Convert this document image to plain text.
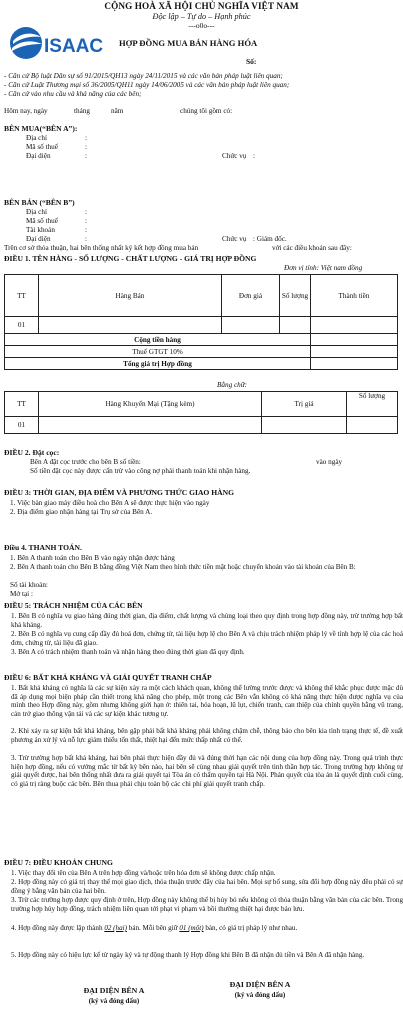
CỘNG HOÀ XÃ HỘI CHỦ NGHĨA VIỆT NAM
Độc lập – Tự do – Hạnh phúc
---o0o---
ISAAC HỢP ĐỒNG MUA BÁN HÀNG HÓA
Số:
- Căn cứ Bộ luật Dân sự số 91/2015/QH13 ngày 24/11/2015 và các văn bản pháp luật liên quan;
- Căn cứ Luật Thương mại số 36/2005/QH11 ngày 14/06/2005 và các văn bản pháp luật liên quan;
- Căn cứ vào nhu cầu và khả năng của các bên;
Hôm nay, ngày	tháng	năm	chúng tôi gồm có:
BÊN MUA(“BÊN A”):
Địa chỉ	:
Mã số thuế	:
Đại diện	:	Chức vụ :
BÊN BÁN (“BÊN B”)
Địa chỉ	:
Mã số thuế	:
Tài khoản	:
Đại diện	:	Chức vụ : Giám đốc.
Trên cơ sở thỏa thuận, hai bên thống nhất ký kết hợp đồng mua bán	với các điều khoản sau đây:
ĐIỀU 1. TÊN HÀNG - SỐ LƯỢNG - CHẤT LƯỢNG - GIÁ TRỊ HỢP ĐỒNG
Đơn vị tính: Việt nam đồng
TT	Hàng Bán	Đơn giá	Số lượng	Thành tiền
01				
Cộng tiền hàng				
Thuế GTGT 10%				
Tổng giá trị Hợp đồng				
Bằng chữ:
TT	Hàng Khuyến Mại (Tặng kèm)	Trị giá	Số lượng
01			
ĐIỀU 2. Đặt cọc:
Bên A đặt cọc trước cho bên B số tiền:	vào ngày
Số tiền đặt cọc này được cấn trừ vào công nợ phải thanh toán khi nhận hàng.
ĐIỀU 3: THỜI GIAN, ĐỊA ĐIỂM VÀ PHƯƠNG THỨC GIAO HÀNG
1. Việc bàn giao máy điều hoà cho Bên A sẽ được thực hiện vào ngày
2. Địa điểm giao nhận hàng tại Trụ sở của Bên A.
Điều 4. THANH TOÁN.
1. Bên A thanh toán cho Bên B vào ngày nhận được hàng
2. Bên A thanh toán cho Bên B bằng đồng Việt Nam theo hình thức tiền mặt hoặc chuyển khoản vào tài khoản của Bên B:
Số tài khoản:
Mở tại :
ĐIỀU 5: TRÁCH NHIỆM CỦA CÁC BÊN
1. Bên B có nghĩa vụ giao hàng đúng thời gian, địa điểm, chất lượng và chủng loại theo quy định trong hợp đồng này, trừ trường hợp bất khả kháng.
2. Bên B có nghĩa vụ cung cấp đầy đủ hoá đơn, chứng từ, tài liệu hợp lệ cho Bên A và chịu trách nhiệm pháp lý về tính hợp lệ của các hoá đơn, chứng từ, tài liệu đã giao.
3. Bên A có trách nhiệm thanh toán và nhận hàng theo đúng thời gian đã quy định.
ĐIỀU 6: BẤT KHẢ KHÁNG VÀ GIẢI QUYẾT TRANH CHẤP
1. Bất khả kháng có nghĩa là các sự kiện xảy ra một cách khách quan, không thể lường trước được và không thể khắc phục được mặc dù đã áp dụng mọi biện pháp cần thiết trong khả năng cho phép, một trong các Bên vẫn không có khả năng thực hiện được nghĩa vụ của mình theo Hợp đồng này, gồm nhưng không giới hạn ở: thiên tai, hỏa hoạn, lũ lụt, chiến tranh, can thiệp của chính quyền bằng vũ trang, cản trở giao thông vận tải và các sự kiện khác tương tự.
2. Khi xảy ra sự kiện bất khả kháng, bên gặp phải bất khả kháng phải không chậm chễ, thông báo cho bên kia tình trạng thực tế, đề xuất phương án xử lý và nỗ lực giảm thiểu tổn thất, thiệt hại đến mức thấp nhất có thể.
3. Trừ trường hợp bất khả kháng, hai bên phải thực hiện đầy đủ và đúng thời hạn các nội dung của hợp đồng này. Trong quá trình thực hiện hợp đồng, nếu có vướng mắc từ bất kỳ bên nào, hai bên sẽ cùng nhau giải quyết trên tinh thần hợp tác. Trong trường hợp không tự giải quyết được, hai bên thống nhất đưa ra giải quyết tại Tòa án có thẩm quyền tại Hà Nội. Phán quyết của tòa án là quyết định cuối cùng, có giá trị ràng buộc các bên. Bên thua phải chịu toàn bộ các chi phí giải quyết tranh chấp.
ĐIỀU 7: ĐIỀU KHOẢN CHUNG
1. Việc thay đổi tên của Bên A trên hợp đồng và/hoặc trên hóa đơn sẽ không được chấp nhận.
2. Hợp đồng này có giá trị thay thế mọi giao dịch, thỏa thuận trước đây của hai bên. Mọi sự bổ sung, sửa đổi hợp đồng này đều phải có sự đồng ý bằng văn bản của hai bên.
3. Trừ các trường hợp được quy định ở trên, Hợp đồng này không thể bị hủy bỏ nếu không có thỏa thuận bằng văn bản của các bên. Trong trường hợp hủy hợp đồng, trách nhiệm liên quan tới phạt vi phạm và bồi thường thiệt hại được bảo lưu.
4. Hợp đồng này được lập thành 02 (hai) bản. Mỗi bên giữ 01 (một) bản, có giá trị pháp lý như nhau.
5. Hợp đồng này có hiệu lực kể từ ngày ký và tự động thanh lý Hợp đồng khi Bên B đã nhận đủ tiền và Bên A đã nhận hàng.
ĐẠI DIỆN BÊN A
(ký và đóng dấu)
ĐẠI DIỆN BÊN A
(ký và đóng dấu)
